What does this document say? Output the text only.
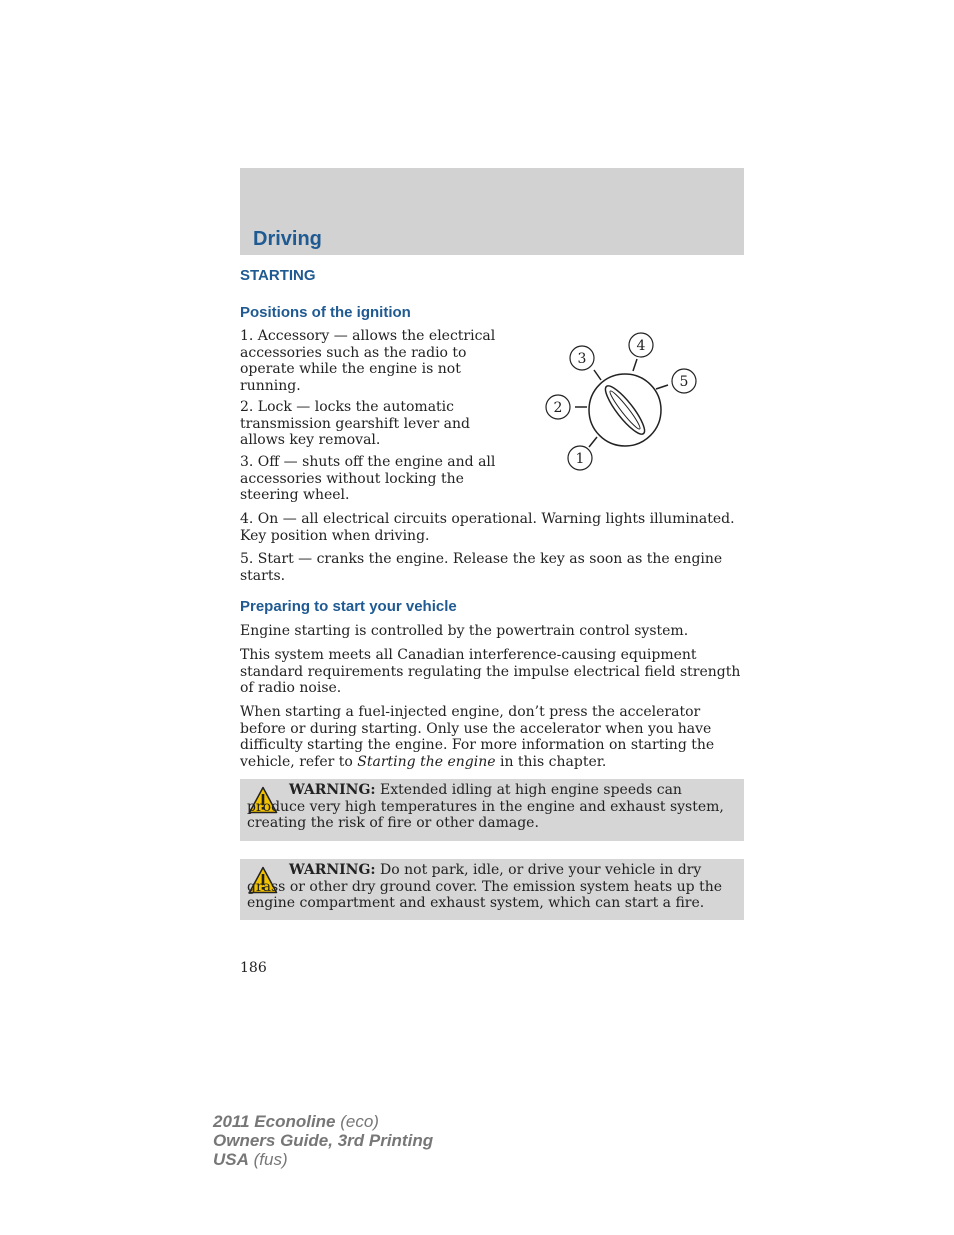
Driving
STARTING
Positions of the ignition

1. Accessory — allows the electrical accessories such as the radio to operate while the engine is not running.

2. Lock — locks the automatic transmission gearshift lever and allows key removal.

3. Off — shuts off the engine and all accessories without locking the steering wheel.

1
2
3
4
5

4. On — all electrical circuits operational. Warning lights illuminated. Key position when driving.

5. Start — cranks the engine. Release the key as soon as the engine starts.

Preparing to start your vehicle

Engine starting is controlled by the powertrain control system.

This system meets all Canadian interference-causing equipment standard requirements regulating the impulse electrical field strength of radio noise.

When starting a fuel-injected engine, don’t press the accelerator before or during starting. Only use the accelerator when you have difficulty starting the engine. For more information on starting the vehicle, refer to Starting the engine in this chapter.

WARNING: Extended idling at high engine speeds can produce very high temperatures in the engine and exhaust system, creating the risk of fire or other damage.

WARNING: Do not park, idle, or drive your vehicle in dry grass or other dry ground cover. The emission system heats up the engine compartment and exhaust system, which can start a fire.

186
2011 Econoline (eco)
Owners Guide, 3rd Printing
USA (fus)
